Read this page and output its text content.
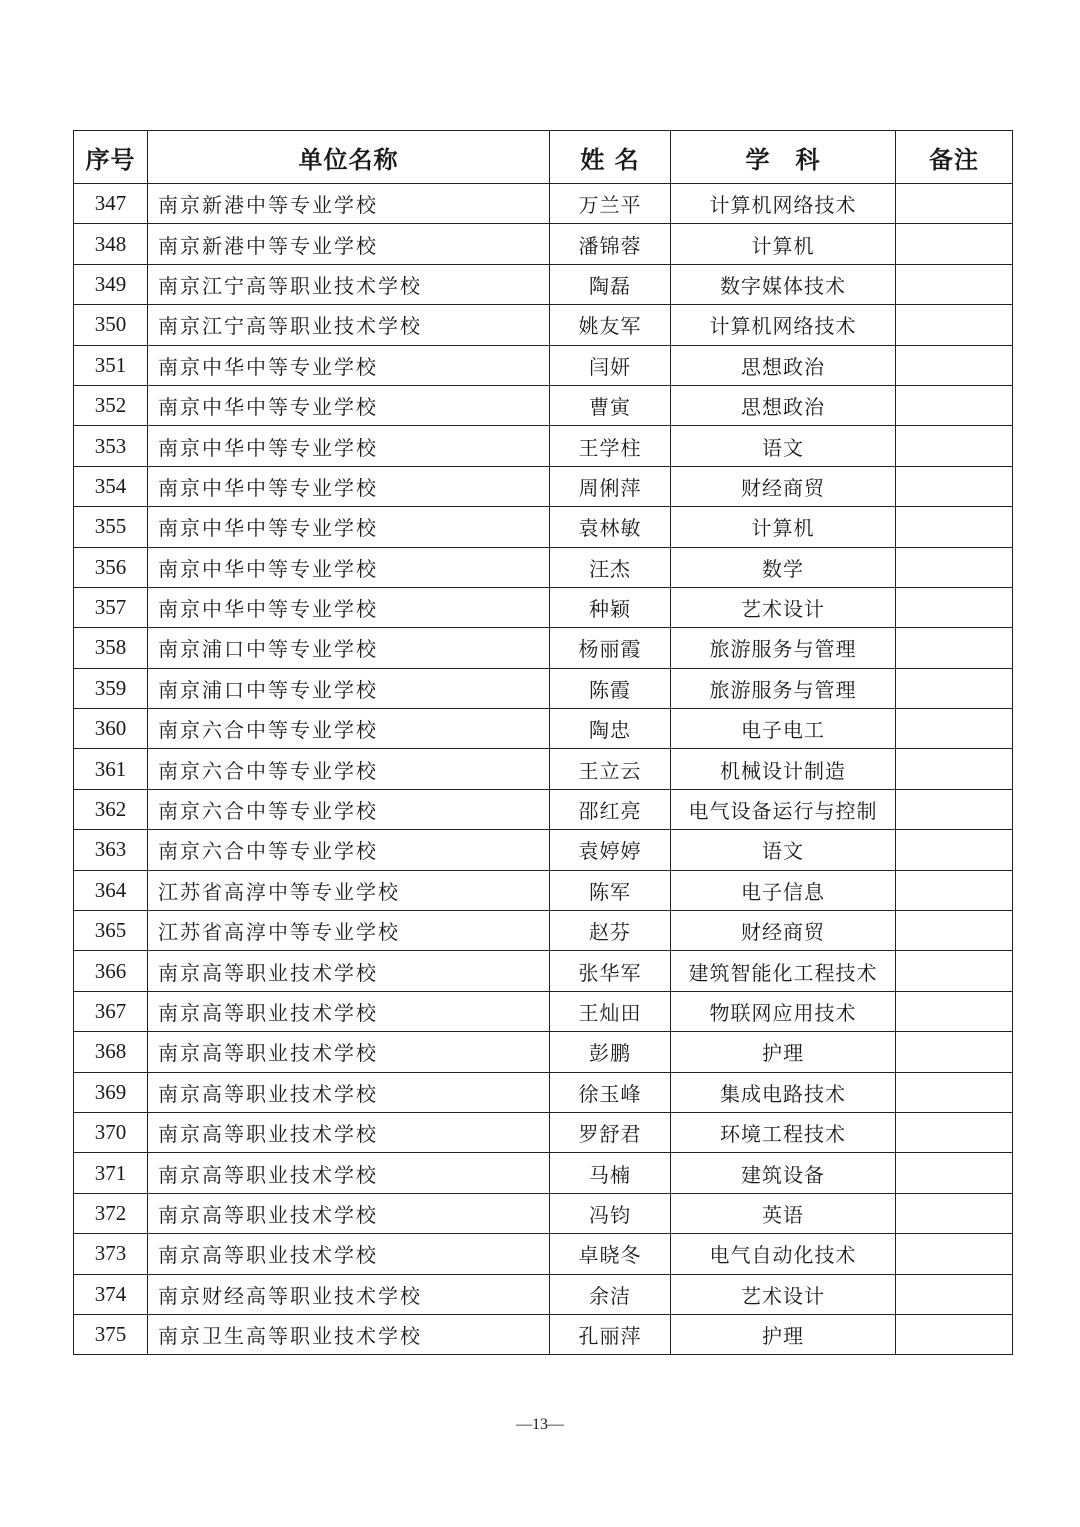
序号	单位名称	姓 名	学　科	备注
347	南京新港中等专业学校	万兰平	计算机网络技术	
348	南京新港中等专业学校	潘锦蓉	计算机	
349	南京江宁高等职业技术学校	陶磊	数字媒体技术	
350	南京江宁高等职业技术学校	姚友军	计算机网络技术	
351	南京中华中等专业学校	闫妍	思想政治	
352	南京中华中等专业学校	曹寅	思想政治	
353	南京中华中等专业学校	王学柱	语文	
354	南京中华中等专业学校	周俐萍	财经商贸	
355	南京中华中等专业学校	袁林敏	计算机	
356	南京中华中等专业学校	汪杰	数学	
357	南京中华中等专业学校	种颖	艺术设计	
358	南京浦口中等专业学校	杨丽霞	旅游服务与管理	
359	南京浦口中等专业学校	陈霞	旅游服务与管理	
360	南京六合中等专业学校	陶忠	电子电工	
361	南京六合中等专业学校	王立云	机械设计制造	
362	南京六合中等专业学校	邵红亮	电气设备运行与控制	
363	南京六合中等专业学校	袁婷婷	语文	
364	江苏省高淳中等专业学校	陈军	电子信息	
365	江苏省高淳中等专业学校	赵芬	财经商贸	
366	南京高等职业技术学校	张华军	建筑智能化工程技术	
367	南京高等职业技术学校	王灿田	物联网应用技术	
368	南京高等职业技术学校	彭鹏	护理	
369	南京高等职业技术学校	徐玉峰	集成电路技术	
370	南京高等职业技术学校	罗舒君	环境工程技术	
371	南京高等职业技术学校	马楠	建筑设备	
372	南京高等职业技术学校	冯钧	英语	
373	南京高等职业技术学校	卓晓冬	电气自动化技术	
374	南京财经高等职业技术学校	余洁	艺术设计	
375	南京卫生高等职业技术学校	孔丽萍	护理	
—13—
